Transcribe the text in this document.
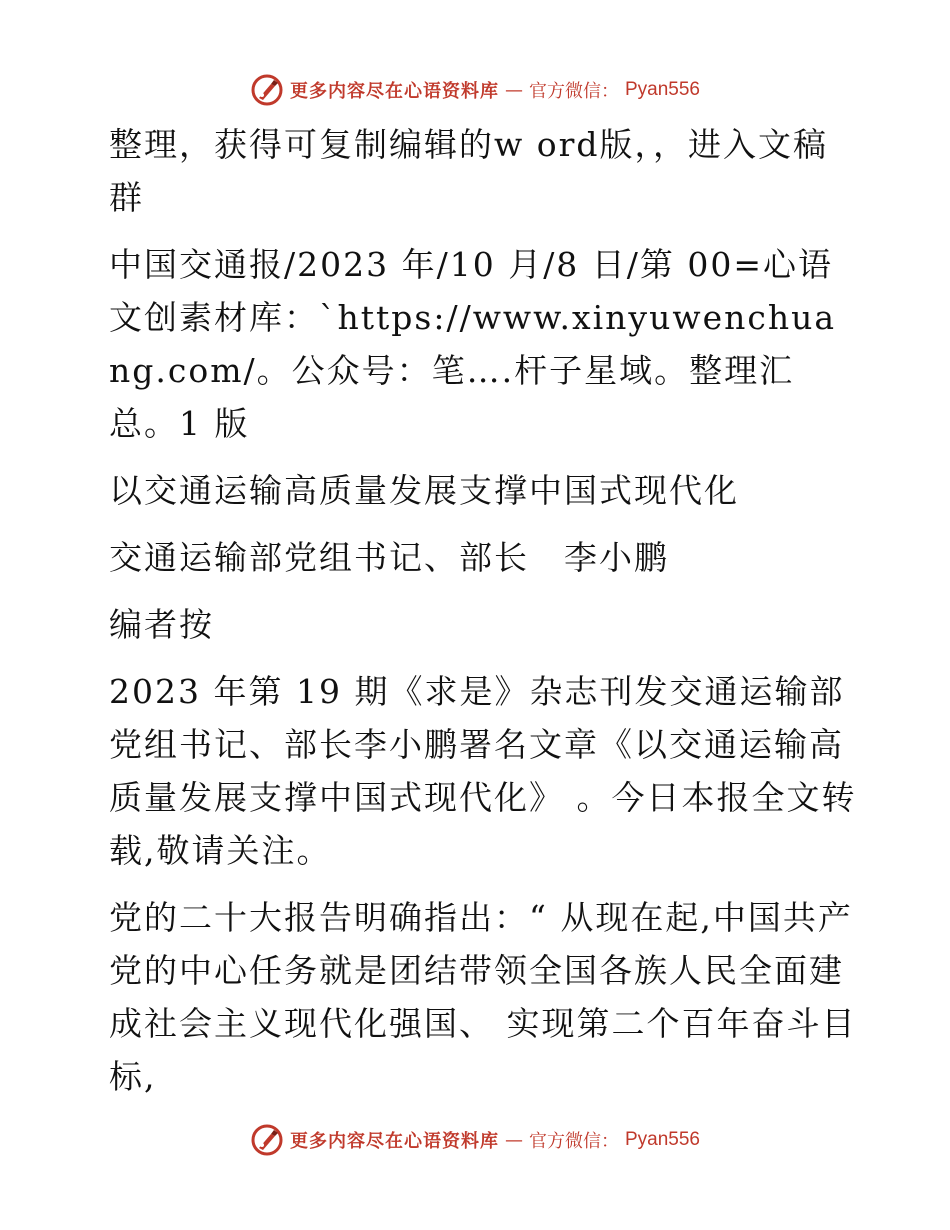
更多内容尽在心语资料库 — 官方微信： Pyan556

整理，获得可复制编辑的w ord版，，进入文稿群

中国交通报/2023 年/10 月/8 日/第 00=心语文创素材库：`https://www.xinyuwenchuang.com/。公众号：笔….杆子星域。整理汇总。1 版

以交通运输高质量发展支撑中国式现代化

交通运输部党组书记、部长　李小鹏

编者按

2023 年第 19 期《求是》杂志刊发交通运输部党组书记、部长李小鹏署名文章《以交通运输高质量发展支撑中国式现代化》 。今日本报全文转载,敬请关注。

党的二十大报告明确指出：“ 从现在起,中国共产党的中心任务就是团结带领全国各族人民全面建成社会主义现代化强国、 实现第二个百年奋斗目标,

更多内容尽在心语资料库 — 官方微信： Pyan556
